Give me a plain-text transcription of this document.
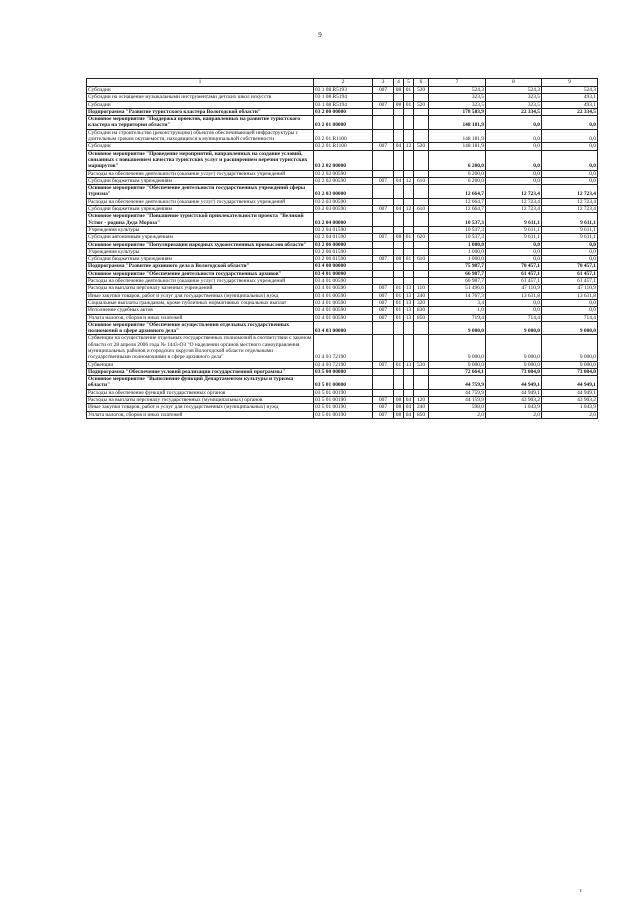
9
1	2	3	4	5	6	7	8	9
Субсидии	03 1 08 R5193	007	08	01	520	524,3	524,3	524,3
Субсидии на оснащение музыкальными инструментами детских школ искусств	03 1 08 R5194					323,5	323,5	493,1
Субсидии	03 1 08 R5194	007	08	01	520	323,5	323,5	493,1
Подпрограмма "Развитие туристского кластера Вологодской области"	03 2 00 00000					178 583,9	22 334,5	22 334,5
Основное мероприятие "Поддержка проектов, направленных на развитие туристского кластера на территории области"	03 2 01 00000					148 181,9	0,0	0,0
Субсидии на строительство (реконструкцию) объектов обеспечивающей инфраструктуры с длительным сроком окупаемости, находящихся в муниципальной собственности	03 2 01 R1100					148 181,9	0,0	0,0
Субсидии	03 2 01 R1100	007	04	12	520	148 181,9	0,0	0,0
Основное мероприятие "Проведение мероприятий, направленных на создание условий, связанных с повышением качества туристских услуг и расширением перечня туристских маршрутов"	03 2 02 00000					6 200,0	0,0	0,0
Расходы на обеспечение деятельности (оказание услуг) государственных учреждений	03 2 02 00590					6 200,0	0,0	0,0
Субсидии бюджетным учреждениям	03 2 02 00590	007	04	12	610	6 200,0	0,0	0,0
Основное мероприятие "Обеспечение деятельности государственных учреждений сферы туризма"	03 2 03 00000					12 664,7	12 723,4	12 723,4
Расходы на обеспечение деятельности (оказание услуг) государственных учреждений	03 2 03 00590					12 664,7	12 723,4	12 723,4
Субсидии бюджетным учреждениям	03 2 03 00590	007	04	12	610	12 664,7	12 723,4	12 723,4
Основное мероприятие "Повышение туристской привлекательности проекта "Великий Устюг - родина Деда Мороза"	03 2 04 00000					10 537,3	9 611,1	9 611,1
Учреждения культуры	03 2 04 01590					10 537,3	9 611,1	9 611,1
Субсидии автономным учреждениям	03 2 04 01590	007	08	01	620	10 537,3	9 611,1	9 611,1
Основное мероприятие "Популяризация народных художественных промыслов области"	03 2 06 00000					1 000,0	0,0	0,0
Учреждения культуры	03 2 06 01590					1 000,0	0,0	0,0
Субсидии бюджетным учреждениям	03 2 06 01590	007	08	01	610	1 000,0	0,0	0,0
Подпрограмма "Развитие архивного дела в Вологодской области"	03 4 00 00000					75 987,7	70 457,1	70 457,1
Основное мероприятие "Обеспечение деятельности государственных архивов"	03 4 01 00000					66 987,7	61 457,1	61 457,1
Расходы на обеспечение деятельности (оказание услуг) государственных учреждений	03 4 01 00590					66 987,7	61 457,1	61 457,1
Расходы на выплаты персоналу казенных учреждений	03 4 01 00590	007	01	13	110	51 496,6	47 110,9	47 110,9
Иные закупки товаров, работ и услуг для государственных (муниципальных) нужд	03 4 01 00590	007	01	13	240	14 767,3	13 631,8	13 631,8
Социальные выплаты гражданам, кроме публичных нормативных социальных выплат	03 4 01 00590	007	01	13	320	3,4	0,0	0,0
Исполнение судебных актов	03 4 01 00590	007	01	13	830	1,0	0,0	0,0
Уплата налогов, сборов и иных платежей	03 4 01 00590	007	01	13	850	719,4	714,4	714,4
Основное мероприятие "Обеспечение осуществления отдельных государственных полномочий в сфере архивного дела"	03 4 03 00000					9 000,0	9 000,0	9 000,0
Субвенции на осуществление отдельных государственных полномочий в соответствии с законом области от 28 апреля 2006 года № 1443-ОЗ "О наделении органов местного самоуправления муниципальных районов и городских округов Вологодской области отдельными государственными полномочиями в сфере архивного дела"	03 4 03 72190					9 000,0	9 000,0	9 000,0
Субвенции	03 4 03 72190	007	01	13	530	9 000,0	9 000,0	9 000,0
Подпрограмма "Обеспечение условий реализации государственной программы"	03 5 00 00000					72 664,1	73 084,0	73 084,0
Основное мероприятие "Выполнение функций Департаментом культуры и туризма области"	03 5 01 00000					44 759,9	44 949,1	44 949,1
Расходы на обеспечение функций государственных органов	03 5 01 00190					44 759,9	44 949,1	44 949,1
Расходы на выплаты персоналу государственных (муниципальных) органов	03 5 01 00190	007	08	04	120	44 159,9	43 903,2	43 903,2
Иные закупки товаров, работ и услуг для государственных (муниципальных) нужд	03 5 01 00190	007	08	04	240	598,0	1 043,9	1 043,9
Уплата налогов, сборов и иных платежей	03 5 01 00190	007	08	04	850	2,0	2,0	2,0
ı
